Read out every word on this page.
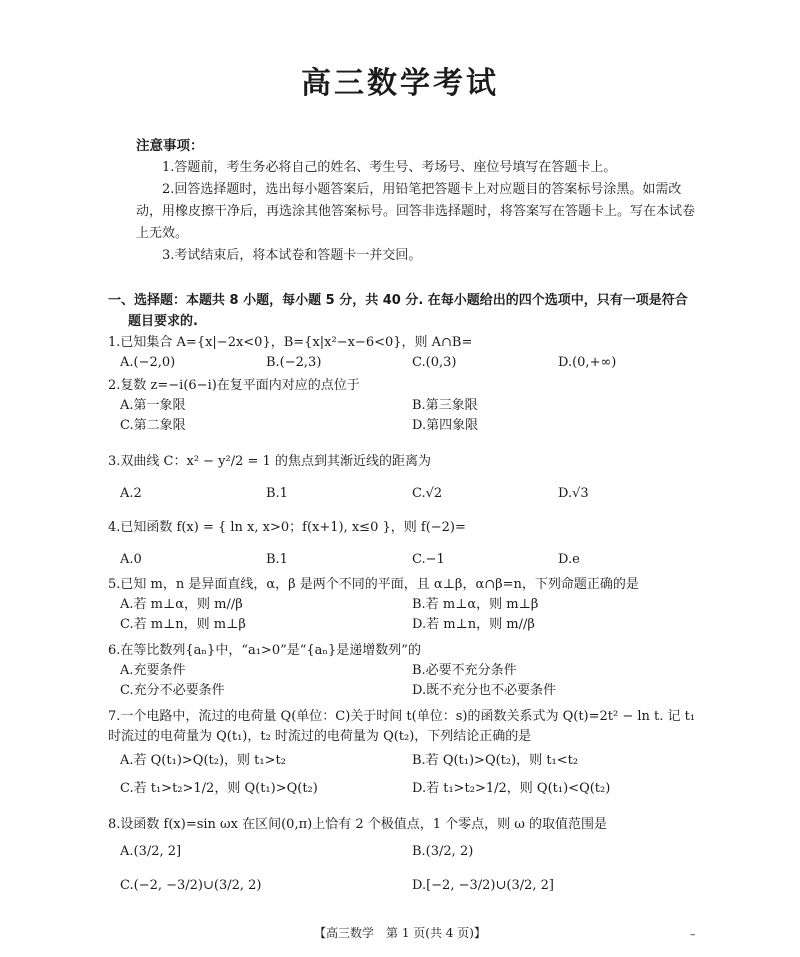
高三数学考试

注意事项：

1.答题前，考生务必将自己的姓名、考生号、考场号、座位号填写在答题卡上。

2.回答选择题时，选出每小题答案后，用铅笔把答题卡上对应题目的答案标号涂黑。如需改动，用橡皮擦干净后，再选涂其他答案标号。回答非选择题时，将答案写在答题卡上。写在本试卷上无效。

3.考试结束后，将本试卷和答题卡一并交回。

一、选择题：本题共 8 小题，每小题 5 分，共 40 分. 在每小题给出的四个选项中，只有一项是符合
题目要求的.
1.已知集合 A={x|−2x<0}，B={x|x²−x−6<0}，则 A∩B=
A.(−2,0)	B.(−2,3)	C.(0,3)	D.(0,+∞)
2.复数 z=−i(6−i)在复平面内对应的点位于
A.第一象限	B.第三象限
C.第二象限	D.第四象限
3.双曲线 C：x² − y²/2 = 1 的焦点到其渐近线的距离为
A.2	B.1	C.√2	D.√3
4.已知函数 f(x) = { ln x, x>0；f(x+1), x≤0 }，则 f(−2)=
A.0	B.1	C.−1	D.e
5.已知 m，n 是异面直线，α，β 是两个不同的平面，且 α⊥β，α∩β=n，下列命题正确的是
A.若 m⊥α，则 m//β	B.若 m⊥α，则 m⊥β
C.若 m⊥n，则 m⊥β	D.若 m⊥n，则 m//β
6.在等比数列{aₙ}中，“a₁>0”是“{aₙ}是递增数列”的
A.充要条件	B.必要不充分条件
C.充分不必要条件	D.既不充分也不必要条件
7.一个电路中，流过的电荷量 Q(单位：C)关于时间 t(单位：s)的函数关系式为 Q(t)=2t² − ln t. 记 t₁ 时流过的电荷量为 Q(t₁)，t₂ 时流过的电荷量为 Q(t₂)，下列结论正确的是
A.若 Q(t₁)>Q(t₂)，则 t₁>t₂	B.若 Q(t₁)>Q(t₂)，则 t₁<t₂
C.若 t₁>t₂>1/2，则 Q(t₁)>Q(t₂)	D.若 t₁>t₂>1/2，则 Q(t₁)<Q(t₂)
8.设函数 f(x)=sin ωx 在区间(0,π)上恰有 2 个极值点，1 个零点，则 ω 的取值范围是
A.(3/2, 2]	B.(3/2, 2)
C.(−2, −3/2)∪(3/2, 2)	D.[−2, −3/2)∪(3/2, 2]
【高三数学　第 1 页(共 4 页)】	–
